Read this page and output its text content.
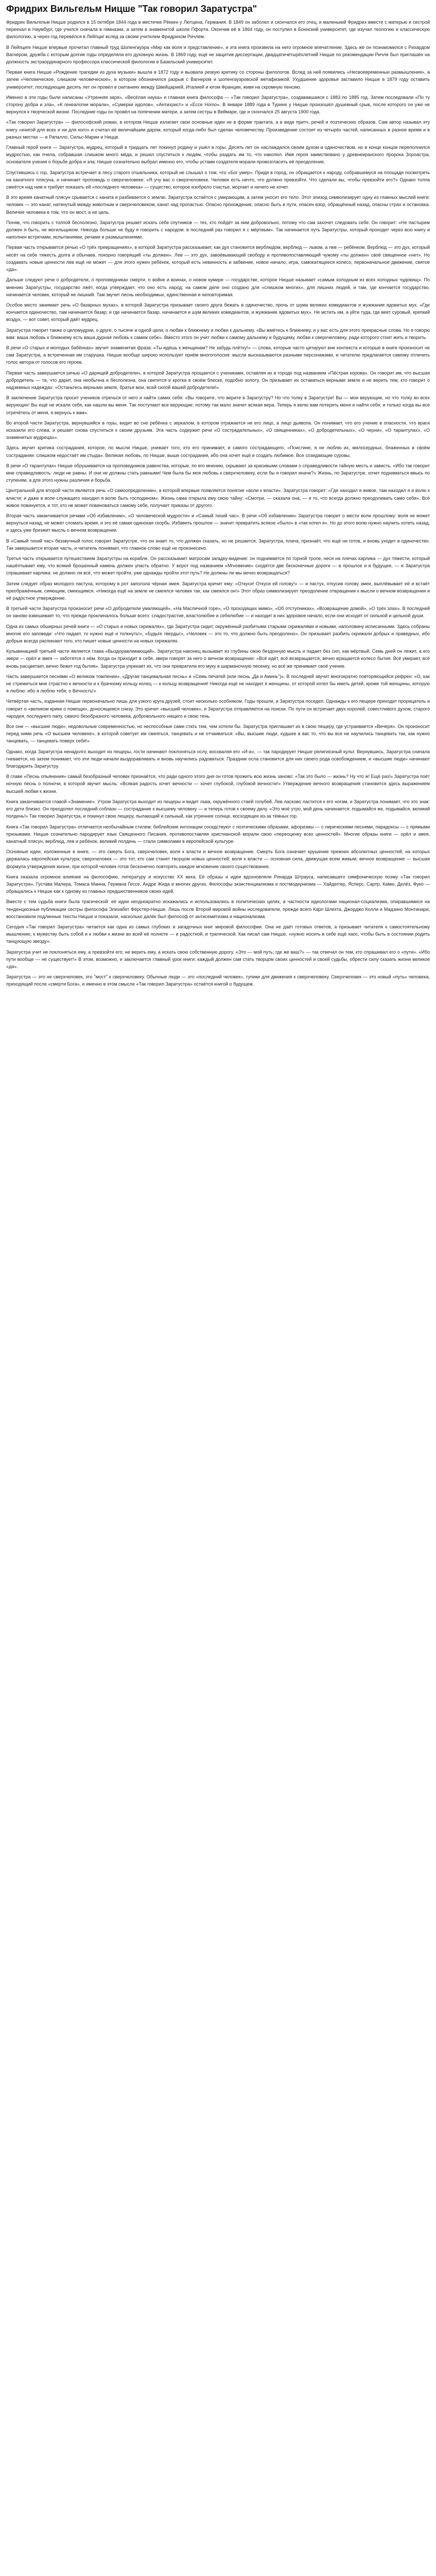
Фридрих Вильгельм Ницше "Так говорил Заратустра"

Фридрих Вильгельм Ницше родился в 15 октября 1844 года в местечке Рёккен у Лютцена, Германия. В 1849 он заболел и скончался его отец, и маленький Фридрих вместе с матерью и сестрой переехал в Наумбург, где учился сначала в гимназии, а затем в знаменитой школе Пфорта. Окончив её в 1864 году, он поступил в Боннский университет, где изучал теологию и классическую филологию, а через год перевёлся в Лейпциг вслед за своим учителем Фридрихом Ричлем.

В Лейпциге Ницше впервые прочитал главный труд Шопенгауэра «Мир как воля и представление», и эта книга произвела на него огромное впечатление. Здесь же он познакомился с Рихардом Вагнером, дружба с которым долгие годы определяла его духовную жизнь. В 1869 году, ещё не защитив диссертации, двадцатичетырёхлетний Ницше по рекомендации Ричля был приглашён на должность экстраординарного профессора классической филологии в Базельский университет.

Первая книга Ницше «Рождение трагедии из духа музыки» вышла в 1872 году и вызвала резкую критику со стороны филологов. Вслед за ней появились «Несвоевременные размышления», а затем «Человеческое, слишком человеческое», в котором обозначился разрыв с Вагнером и шопенгауэровской метафизикой. Ухудшение здоровья заставило Ницше в 1879 году оставить университет; последующие десять лет он провёл в скитаниях между Швейцарией, Италией и югом Франции, живя на скромную пенсию.

Именно в эти годы были написаны «Утренняя заря», «Весёлая наука» и главная книга философа — «Так говорил Заратустра», создававшаяся с 1883 по 1885 год. Затем последовали «По ту сторону добра и зла», «К генеалогии морали», «Сумерки идолов», «Антихрист» и «Ecce Homo». В январе 1889 года в Турине у Ницше произошёл душевный срыв, после которого он уже не вернулся к творческой жизни. Последние годы он провёл на попечении матери, а затем сестры в Веймаре, где и скончался 25 августа 1900 года.

«Так говорил Заратустра» — философский роман, в котором Ницше излагает свои основные идеи не в форме трактата, а в виде притч, речей и поэтических образов. Сам автор называл эту книгу «книгой для всех и ни для кого» и считал её величайшим даром, который когда-либо был сделан человечеству. Произведение состоит из четырёх частей, написанных в разное время и в разных местах — в Рапалло, Сильс-Марии и Ницце.

Главный герой книги — Заратустра, мудрец, который в тридцать лет покинул родину и ушёл в горы. Десять лет он наслаждался своим духом и одиночеством, но в конце концов переполнился мудростью, как пчела, собравшая слишком много мёда, и решил спуститься к людям, чтобы раздать им то, что накопил. Имя героя заимствовано у древнеиранского пророка Зороастра, основателя учения о борьбе добра и зла; Ницше сознательно выбрал именно его, чтобы устами создателя морали провозгласить её преодоление.

Спустившись с гор, Заратустра встречает в лесу старого отшельника, который не слышал о том, что «Бог умер». Придя в город, он обращается к народу, собравшемуся на площади посмотреть на канатного плясуна, и начинает проповедь о сверхчеловеке: «Я учу вас о сверхчеловеке. Человек есть нечто, что должно превзойти. Что сделали вы, чтобы превзойти его?» Однако толпа смеётся над ним и требует показать ей «последнего человека» — существо, которое изобрело счастье, моргает и ничего не хочет.

В это время канатный плясун срывается с каната и разбивается о землю. Заратустра остаётся с умирающим, а затем уносит его тело. Этот эпизод символизирует одну из главных мыслей книги: человек — это канат, натянутый между животным и сверхчеловеком, канат над пропастью. Опасно прохождение, опасно быть в пути, опасен взор, обращённый назад, опасны страх и остановка. Величие человека в том, что он мост, а не цель.

Поняв, что говорить с толпой бесполезно, Заратустра решает искать себе спутников — тех, кто пойдёт за ним добровольно, потому что сам захочет следовать себе. Он говорит: «Не пастырем должен я быть, не могильщиком. Никогда больше не буду я говорить с народом: в последний раз говорил я с мёртвым». Так начинается путь Заратустры, который проходит через всю книгу и наполнен встречами, испытаниями, речами и размышлениями.

Первая часть открывается речью «О трёх превращениях», в которой Заратустра рассказывает, как дух становится верблюдом, верблюд — львом, а лев — ребёнком. Верблюд — это дух, который несёт на себе тяжесть долга и обычаев, покорно говорящий «ты должен». Лев — это дух, завоёвывающий свободу и противопоставляющий чужому «ты должен» своё священное «нет». Но создавать новые ценности лев ещё не может — для этого нужен ребёнок, который есть невинность и забвение, новое начало, игра, самокатящееся колесо, первоначальное движение, святое «да».

Дальше следуют речи о добродетели, о проповедниках смерти, о войне и воинах, о новом кумире — государстве, которое Ницше называет «самым холодным из всех холодных чудовищ». По мнению Заратустры, государство лжёт, когда утверждает, что оно есть народ; на самом деле оно создано для «слишком многих», для лишних людей, и там, где кончается государство, начинается человек, который не лишний. Там звучит песнь необходимых, единственная и неповторимая.

Особое место занимает речь «О базарных мухах», в которой Заратустра призывает своего друга бежать в одиночество, прочь от шума великих комедиантов и жужжания ядовитых мух. «Где кончается одиночество, там начинается базар; и где начинается базар, начинается и шум великих комедиантов, и жужжание ядовитых мух». Не мстить им, а уйти туда, где веет суровый, крепкий воздух, — вот совет, который даёт мудрец.

Заратустра говорит также о целомудрии, о друге, о тысяче и одной цели, о любви к ближнему и любви к дальнему. «Вы жмётесь к ближнему, и у вас есть для этого прекрасные слова. Но я говорю вам: ваша любовь к ближнему есть ваша дурная любовь к самим себе». Вместо этого он учит любви к самому дальнему и будущему, любви к сверхчеловеку, ради которого стоит жить и творить.

В речи «О старых и молодых бабёнках» звучит знаменитая фраза: «Ты идёшь к женщинам? Не забудь плётку!» — слова, которые часто цитируют вне контекста и которые в книге произносит не сам Заратустра, а встреченная им старушка. Ницше вообще широко использует приём многоголосия: мысли высказываются разными персонажами, и читателю предлагается самому отличить голос автора от голосов его героев.

Первая часть завершается речью «О дарящей добродетели», в которой Заратустра прощается с учениками, оставляя их в городе под названием «Пёстрая корова». Он говорит им, что высшая добродетель — та, что дарит, она необычна и бесполезна, она светится и кротка в своём блеске, подобно золоту. Он призывает их оставаться верными земле и не верить тем, кто говорит о надземных надеждах: «Останьтесь верными земле, братья мои, всей силой вашей добродетели!»

В заключение Заратустра просит учеников отречься от него и найти самих себя: «Вы говорите, что верите в Заратустру? Но что толку в Заратустре! Вы — мои верующие, но что толку во всех верующих! Вы ещё не искали себя, как нашли вы меня. Так поступают все верующие; потому так мало значит всякая вера. Теперь я велю вам потерять меня и найти себя; и только когда вы все отречётесь от меня, я вернусь к вам».

Во второй части Заратустра, вернувшийся в горы, видит во сне ребёнка с зеркалом, в котором отражается не его лицо, а лицо дьявола. Он понимает, что его учение в опасности, что враги исказили его слова, и решает снова спуститься к своим друзьям. Эта часть содержит речи «О сострадательных», «О священниках», «О добродетельных», «О черни», «О тарантулах», «О знаменитых мудрецах».

Здесь звучит критика сострадания, которое, по мысли Ницше, унижает того, кто его принимает, и самого сострадающего. «Поистине, я не люблю их, милосердных, блаженных в своём сострадании: слишком недостаёт им стыда». Великая любовь, по Ницше, выше сострадания, ибо она хочет ещё и создать любимое. Все созидающие суровы.

В речи «О тарантулах» Ницше обрушивается на проповедников равенства, которые, по его мнению, скрывают за красивыми словами о справедливости тайную месть и зависть. «Ибо так говорит мне справедливость: люди не равны. И они не должны стать равными! Чем была бы моя любовь к сверхчеловеку, если бы я говорил иначе?» Жизнь, по Заратустре, хочет подниматься ввысь по ступеням, а для этого нужны различия и борьба.

Центральной для второй части является речь «О самоопределении», в которой впервые появляется понятие «воли к власти». Заратустра говорит: «Где находил я живое, там находил я и волю к власти; и даже в воле служащего находил я волю быть господином». Жизнь сама открыла ему свою тайну: «Смотри, — сказала она, — я то, что всегда должно преодолевать само себя». Всё живое повинуется, и тот, кто не может повиноваться самому себе, получает приказы от другого.

Вторая часть заканчивается речами «Об избавлении», «О человеческой мудрости» и «Самый тихий час». В речи «Об избавлении» Заратустра говорит о мести воли прошлому: воля не может вернуться назад, не может сломать время, и это её самая одинокая скорбь. Избавить прошлое — значит превратить всякое «было» в «так хотел я». Но до этого волю нужно научить хотеть назад, и здесь уже брезжит мысль о вечном возвращении.

В «Самый тихий час» беззвучный голос говорит Заратустре, что он знает то, что должен сказать, но не решается. Заратустра, плача, признаёт, что ещё не готов, и вновь уходит в одиночество. Так завершается вторая часть, и читатель понимает, что главное слово ещё не произнесено.

Третья часть открывается путешествием Заратустры на корабле. Он рассказывает матросам загадку-видение: он поднимается по горной тропе, неся на плечах карлика — дух тяжести, который нашёптывает ему, что всякий брошенный камень должен упасть обратно. У ворот под названием «Мгновение» сходятся две бесконечные дороги — в прошлое и в будущее, — и Заратустра спрашивает карлика: не должно ли всё, что может пройти, уже однажды пройти этот путь? Не должны ли мы вечно возвращаться?

Затем следует образ молодого пастуха, которому в рот заползла чёрная змея. Заратустра кричит ему: «Откуси! Откуси ей голову!» — и пастух, откусив голову змеи, выплёвывает её и встаёт преображённым, сияющим, смеющимся. «Никогда ещё на земле не смеялся человек так, как смеялся он!» Этот образ символизирует преодоление отвращения к мысли о вечном возвращении и её радостное утверждение.

В третьей части Заратустра произносит речи «О добродетели умаляющей», «На Масличной горе», «О проходящих мимо», «Об отступниках», «Возвращение домой», «О трёх злах». В последней он заново взвешивает то, что прежде проклиналось больше всего: сладострастие, властолюбие и себялюбие — и находит в них здоровое начало, если они исходят от сильной и цельной души.

Одна из самых обширных речей книги — «О старых и новых скрижалях», где Заратустра сидит, окружённый разбитыми старыми скрижалями и новыми, наполовину исписанными. Здесь собраны многие его заповеди: «Что падает, то нужно ещё и толкнуть!», «Будьте тверды!», «Человек — это то, что должно быть преодолено». Он призывает разбить скрижали добрых и праведных, ибо добрые всегда распинают того, кто пишет новые ценности на новых скрижалях.

Кульминацией третьей части является глава «Выздоравливающий». Заратустра наконец вызывает из глубины свою бездонную мысль и падает без сил, как мёртвый. Семь дней он лежит, а его звери — орёл и змея — заботятся о нём. Когда он приходит в себя, звери говорят за него о вечном возвращении: «Всё идёт, всё возвращается; вечно вращается колесо бытия. Всё умирает, всё вновь расцветает, вечно бежит год бытия». Заратустра упрекает их, что они превратили его муку в шарманочную песенку, но всё же принимает своё учение.

Часть завершается песнями «О великом томлении», «Другая танцевальная песнь» и «Семь печатей (или песнь „Да и Аминь")». В последней звучит многократно повторяющийся рефрен: «О, как не стремиться мне страстно к вечности и к брачному кольцу колец — к кольцу возвращения! Никогда ещё не находил я женщины, от которой хотел бы иметь детей, кроме той женщины, которую я люблю: ибо я люблю тебя, о Вечность!»

Четвёртая часть, изданная Ницше первоначально лишь для узкого круга друзей, стоит несколько особняком. Годы прошли, и Заратустра поседел. Однажды к его пещере приходит прорицатель и говорит о «великом крике о помощи», доносящемся снизу. Это кричит «высший человек», и Заратустра отправляется на поиски. По пути он встречает двух королей, совестливого духом, старого чародея, последнего папу, самого безобразного человека, добровольного нищего и свою тень.

Все они — «высшие люди», недовольные современностью, но неспособные сами стать тем, чем хотели бы. Заратустра приглашает их в свою пещеру, где устраивается «Вечеря». Он произносит перед ними речь «О высшем человеке», в которой советует им смеяться, танцевать и не отчаиваться: «Вы, высшие люди, худшее в вас то, что вы все не научились танцевать так, как нужно танцевать, — танцевать поверх себя!»

Однако, когда Заратустра ненадолго выходит из пещеры, гости начинают поклоняться ослу, восхваляя его «И-а», — так пародирует Ницше религиозный культ. Вернувшись, Заратустра сначала гневается, но затем понимает, что эти люди начали выздоравливать и вновь научились радоваться. Праздник осла становится для них своего рода освобождением, и «высшие люди» начинают благодарить Заратустру.

В главе «Песнь опьянения» самый безобразный человек признаётся, что ради одного этого дня он готов прожить всю жизнь заново: «Так это было — жизнь? Ну что ж! Ещё раз!» Заратустра поёт ночную песнь о полночи, в которой звучит мысль: «Всякая радость хочет вечности — хочет глубокой, глубокой вечности!» Утверждение вечного возвращения становится здесь выражением высшей любви к жизни.

Книга заканчивается главой «Знамение». Утром Заратустра выходит из пещеры и видит льва, окружённого стаей голубей. Лев ласково ластится к его ногам, и Заратустра понимает, что это знак: его дети близко. Он преодолел последний соблазн — сострадание к высшему человеку — и теперь готов к своему делу. «Это моё утро, мой день начинается: подымайся же, подымайся, великий полдень!» Так говорил Заратустра, и покинул свою пещеру, пылающий и сильный, как утреннее солнце, восходящее из-за тёмных гор.

Книга «Так говорил Заратустра» отличается необычайным стилем: библейские интонации соседствуют с поэтическими образами, афоризмы — с лирическими песнями, парадоксы — с прямыми призывами. Ницше сознательно пародирует язык Священного Писания, противопоставляя христианской морали свою «переоценку всех ценностей». Многие образы книги — орёл и змея, канатный плясун, верблюд, лев и ребёнок, великий полдень — стали символами в европейской культуре.

Основные идеи, изложенные в книге, — это смерть Бога, сверхчеловек, воля к власти и вечное возвращение. Смерть Бога означает крушение прежних абсолютных ценностей, на которых держалась европейская культура; сверхчеловек — это тот, кто сам станет творцом новых ценностей; воля к власти — основная сила, движущая всем живым; вечное возвращение — высшая формула утверждения жизни, при которой человек готов бесконечно повторять каждое мгновение своего существования.

Книга оказала огромное влияние на философию, литературу и искусство XX века. Её образы и идеи вдохновляли Рихарда Штрауса, написавшего симфоническую поэму «Так говорил Заратустра», Густава Малера, Томаса Манна, Германа Гессе, Андре Жида и многих других. Философы экзистенциализма и постмодернизма — Хайдеггер, Ясперс, Сартр, Камю, Делёз, Фуко — обращались к Ницше как к одному из главных предшественников своих идей.

Вместе с тем судьба книги была трагической: её идеи неоднократно искажались и использовались в политических целях, в частности идеологами национал-социализма, опиравшимися на тенденциозные публикации сестры философа Элизабет Фёрстер-Ницше. Лишь после Второй мировой войны исследователи, прежде всего Карл Шлехта, Джорджо Колли и Мадзино Монтинари, восстановили подлинные тексты Ницше и показали, насколько далёк был философ от антисемитизма и национализма.

Сегодня «Так говорил Заратустра» читается как одна из самых глубоких и загадочных книг мировой философии. Она не даёт готовых ответов, а призывает читателя к самостоятельному мышлению, к мужеству быть собой и к любви к жизни во всей её полноте — и радостной, и трагической. Как писал сам Ницше, «нужно носить в себе ещё хаос, чтобы быть в состоянии родить танцующую звезду».

Заратустра учит не поклоняться ему, а превзойти его; не верить ему, а искать свою собственную дорогу. «Это — мой путь; где же ваш?» — так отвечал он тем, кто спрашивал его о «пути». «Ибо пути вообще — не существует!» В этом, возможно, и заключается главный урок книги: каждый должен сам стать творцом своих ценностей и своей судьбы, обрести силу сказать жизни великое «да».

Заратустра — это не сверхчеловек, это "мост" к сверхчеловеку. Обычные люди — это «последний человек», тупики для движения к сверхчеловеку. Сверхчеловек — это новый «путь» человека, приходящий после «смерти Бога», и именно в этом смысле «Так говорил Заратустра» остаётся книгой о будущем.
